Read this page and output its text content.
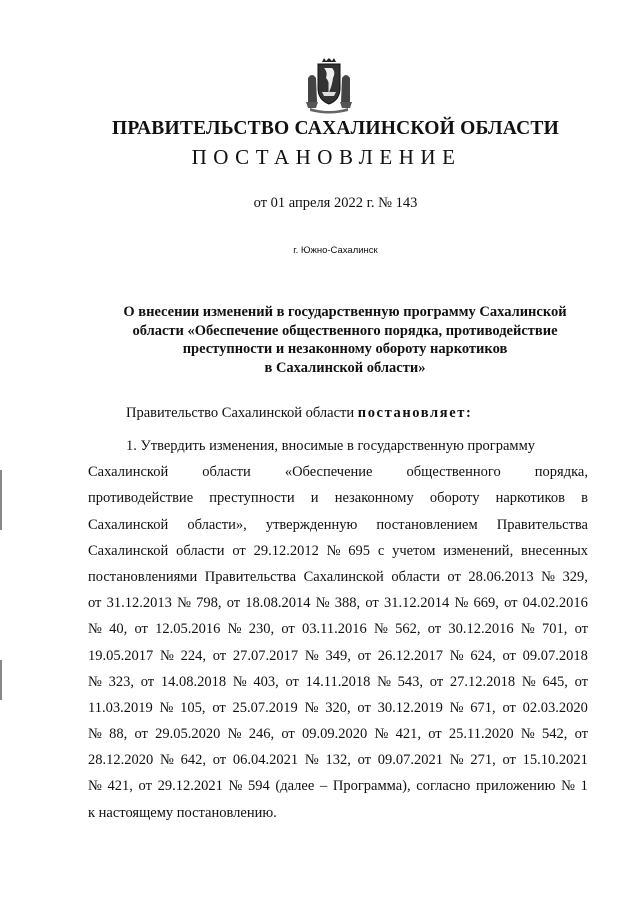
ПРАВИТЕЛЬСТВО САХАЛИНСКОЙ ОБЛАСТИ
ПОСТАНОВЛЕНИЕ
от 01 апреля 2022 г. № 143
г. Южно-Сахалинск
О внесении изменений в государственную программу Сахалинской
области «Обеспечение общественного порядка, противодействие
преступности и незаконному обороту наркотиков
в Сахалинской области»
Правительство Сахалинской области постановляет:
1. Утвердить изменения, вносимые в государственную программу
Сахалинской области «Обеспечение общественного порядка,
противодействие преступности и незаконному обороту наркотиков в
Сахалинской области», утвержденную постановлением Правительства
Сахалинской области от 29.12.2012 № 695 с учетом изменений, внесенных
постановлениями Правительства Сахалинской области от 28.06.2013 № 329,
от 31.12.2013 № 798, от 18.08.2014 № 388, от 31.12.2014 № 669, от 04.02.2016
№ 40, от 12.05.2016 № 230, от 03.11.2016 № 562, от 30.12.2016 № 701, от
19.05.2017 № 224, от 27.07.2017 № 349, от 26.12.2017 № 624, от 09.07.2018
№ 323, от 14.08.2018 № 403, от 14.11.2018 № 543, от 27.12.2018 № 645, от
11.03.2019 № 105, от 25.07.2019 № 320, от 30.12.2019 № 671, от 02.03.2020
№ 88, от 29.05.2020 № 246, от 09.09.2020 № 421, от 25.11.2020 № 542, от
28.12.2020 № 642, от 06.04.2021 № 132, от 09.07.2021 № 271, от 15.10.2021
№ 421, от 29.12.2021 № 594 (далее – Программа), согласно приложению № 1
к настоящему постановлению.
